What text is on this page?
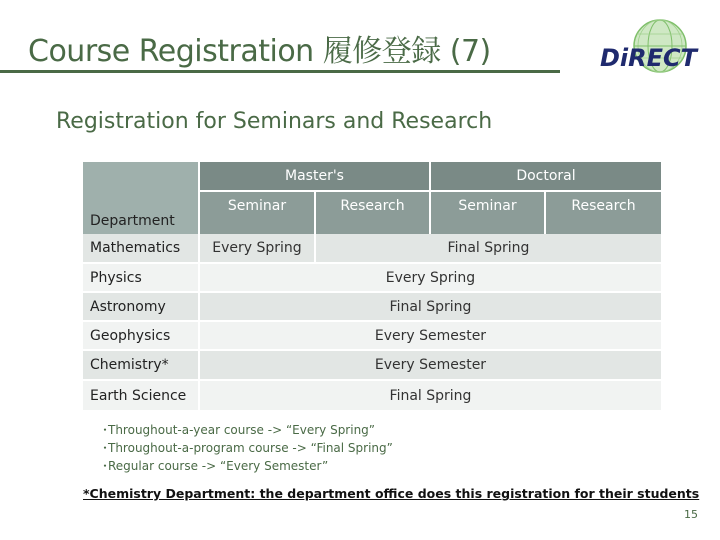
Course Registration 履修登録 (7)	DiRECT
Registration for Seminars and Research
Department
Master's	Doctoral
Seminar	Research	Seminar	Research
Mathematics	Every Spring	Final Spring
Physics	Every Spring
Astronomy	Final Spring
Geophysics	Every Semester
Chemistry*	Every Semester
Earth Science	Final Spring
･Throughout-a-year course -> “Every Spring”
･Throughout-a-program course -> “Final Spring”
･Regular course -> “Every Semester”
*Chemistry Department: the department office does this registration for their students
15
